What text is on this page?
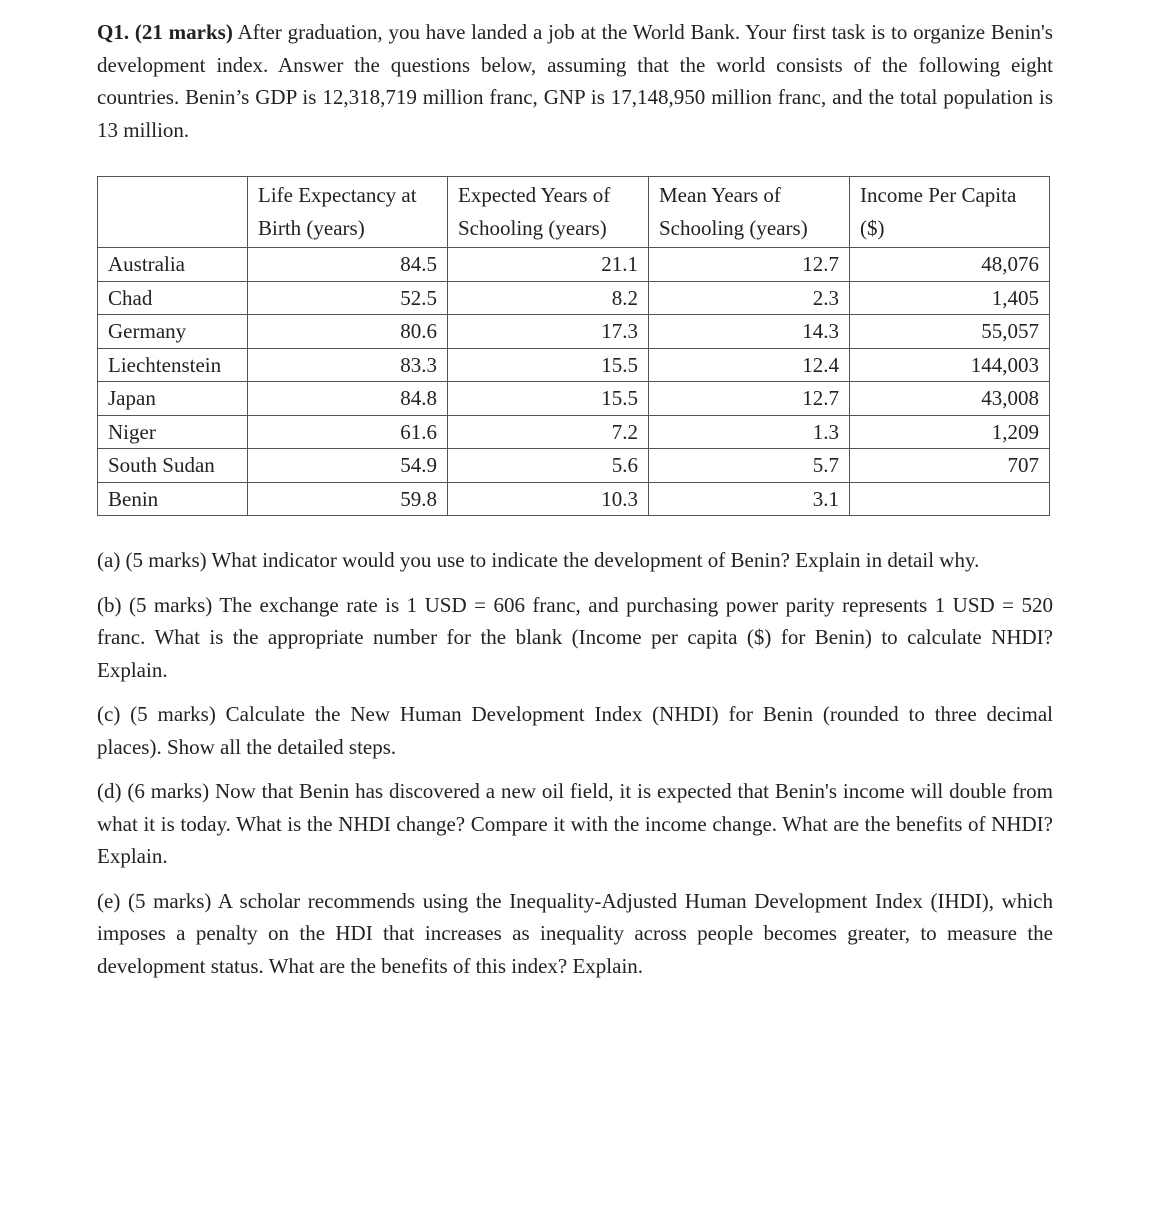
Q1. (21 marks) After graduation, you have landed a job at the World Bank. Your first task is to organize Benin's development index. Answer the questions below, assuming that the world consists of the following eight countries. Benin’s GDP is 12,318,719 million franc, GNP is 17,148,950 million franc, and the total population is 13 million.

	Life Expectancy at Birth (years)	Expected Years of Schooling (years)	Mean Years of Schooling (years)	Income Per Capita ($)
Australia	84.5	21.1	12.7	48,076
Chad	52.5	8.2	2.3	1,405
Germany	80.6	17.3	14.3	55,057
Liechtenstein	83.3	15.5	12.4	144,003
Japan	84.8	15.5	12.7	43,008
Niger	61.6	7.2	1.3	1,209
South Sudan	54.9	5.6	5.7	707
Benin	59.8	10.3	3.1	

(a) (5 marks) What indicator would you use to indicate the development of Benin? Explain in detail why.

(b) (5 marks) The exchange rate is 1 USD = 606 franc, and purchasing power parity represents 1 USD = 520 franc. What is the appropriate number for the blank (Income per capita ($) for Benin) to calculate NHDI? Explain.

(c) (5 marks) Calculate the New Human Development Index (NHDI) for Benin (rounded to three decimal places). Show all the detailed steps.

(d) (6 marks) Now that Benin has discovered a new oil field, it is expected that Benin's income will double from what it is today. What is the NHDI change? Compare it with the income change. What are the benefits of NHDI? Explain.

(e) (5 marks) A scholar recommends using the Inequality-Adjusted Human Development Index (IHDI), which imposes a penalty on the HDI that increases as inequality across people becomes greater, to measure the development status. What are the benefits of this index? Explain.
